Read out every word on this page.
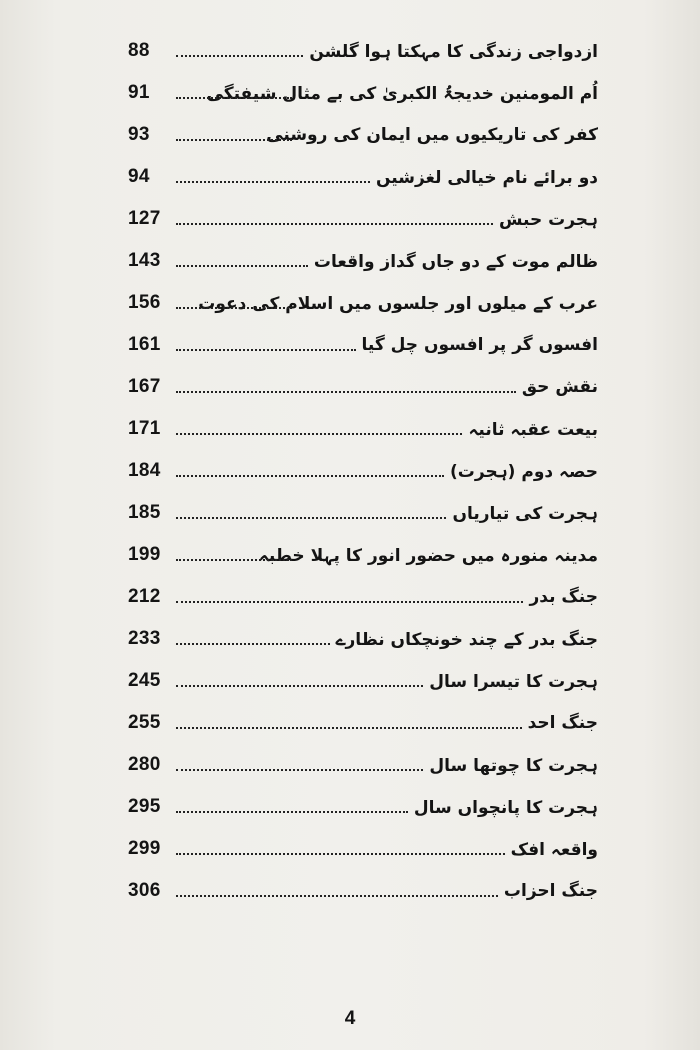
88	ازدواجی زندگی کا مہکتا ہوا گلشن
91	اُم المومنین خدیجۃُ الکبریٰ کی بے مثال شیفتگی
93	کفر کی تاریکیوں میں ایمان کی روشنی
94	دو برائے نام خیالی لغزشیں
127	ہجرت حبش
143	ظالم موت کے دو جاں گداز واقعات
156	عرب کے میلوں اور جلسوں میں اسلام کی دعوت
161	افسوں گر پر افسوں چل گیا
167	نقش حق
171	بیعت عقبہ ثانیہ
184	حصہ دوم (ہجرت)
185	ہجرت کی تیاریاں
199	مدینہ منورہ میں حضور انور کا پہلا خطبہ
212	جنگ بدر
233	جنگ بدر کے چند خونچکاں نظارے
245	ہجرت کا تیسرا سال
255	جنگ احد
280	ہجرت کا چوتھا سال
295	ہجرت کا پانچواں سال
299	واقعہ افک
306	جنگ احزاب
4
